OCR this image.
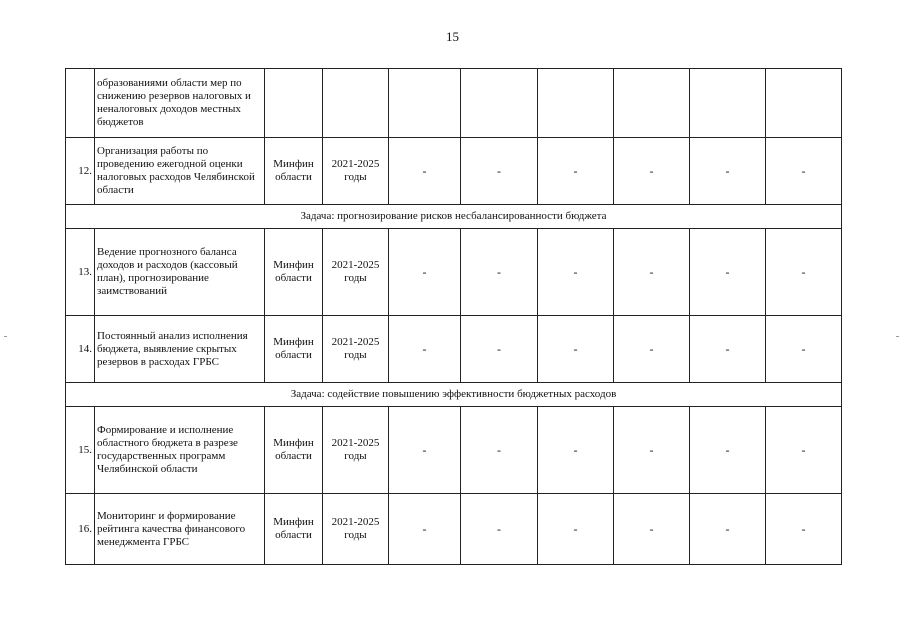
15
	образованиями области мер по снижению резервов налоговых и неналоговых доходов местных бюджетов								
12.	Организация работы по проведению ежегодной оценки налоговых расходов Челябинской области	Минфин области	2021-2025 годы	-	-	-	-	-	-
Задача: прогнозирование рисков несбалансированности бюджета									
13.	Ведение прогнозного баланса доходов и расходов (кассовый план), прогнозирование заимствований	Минфин области	2021-2025 годы	-	-	-	-	-	-
14.	Постоянный анализ исполнения бюджета, выявление скрытых резервов в расходах ГРБС	Минфин области	2021-2025 годы	-	-	-	-	-	-
Задача: содействие повышению эффективности бюджетных расходов									
15.	Формирование и исполнение областного бюджета в разрезе государственных программ Челябинской области	Минфин области	2021-2025 годы	-	-	-	-	-	-
16.	Мониторинг и формирование рейтинга качества финансового менеджмента ГРБС	Минфин области	2021-2025 годы	-	-	-	-	-	-
